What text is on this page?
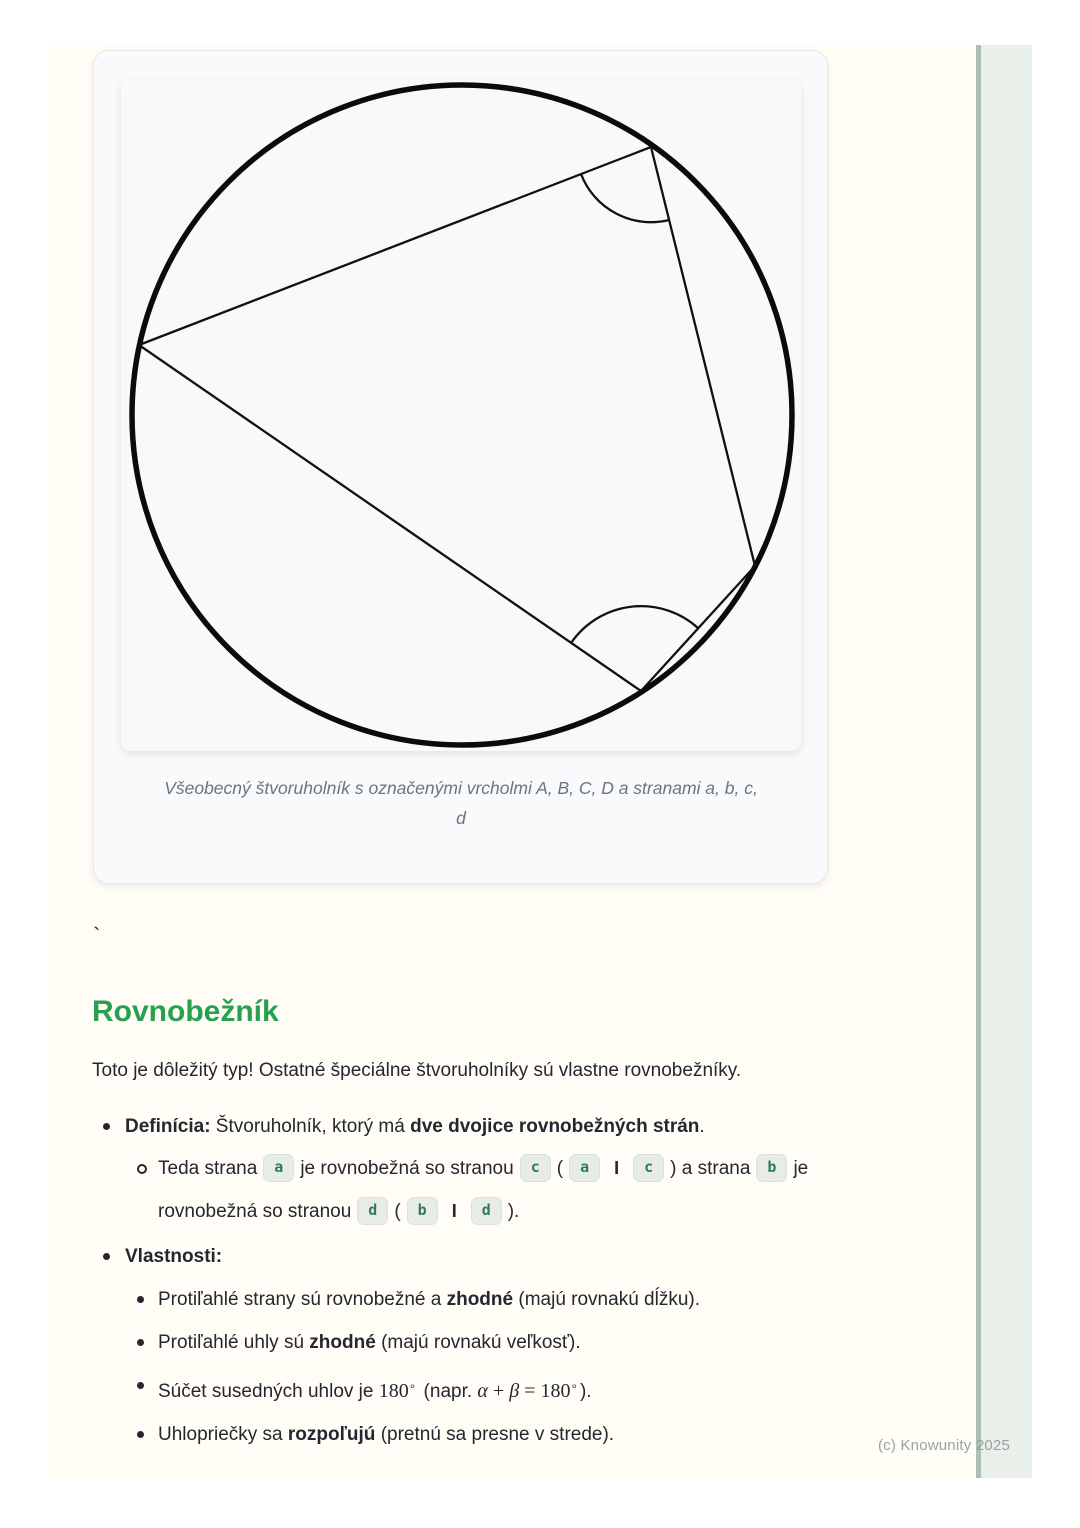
Všeobecný štvoruholník s označenými vrcholmi A, B, C, D a stranami a, b, c,
d
`
Rovnobežník

Toto je dôležitý typ! Ostatné špeciálne štvoruholníky sú vlastne rovnobežníky.

Definícia: Štvoruholník, ktorý má dve dvojice rovnobežných strán.
Teda strana a je rovnobežná so stranou c ( a I c ) a strana b je rovnobežná so stranou d ( b I d ).
Vlastnosti:
Protiľahlé strany sú rovnobežné a zhodné (majú rovnakú dĺžku).
Protiľahlé uhly sú zhodné (majú rovnakú veľkosť).
Súčet susedných uhlov je 180∘ (napr. α + β = 180∘ ).
Uhlopriečky sa rozpoľujú (pretnú sa presne v strede).
(c) Knowunity 2025
